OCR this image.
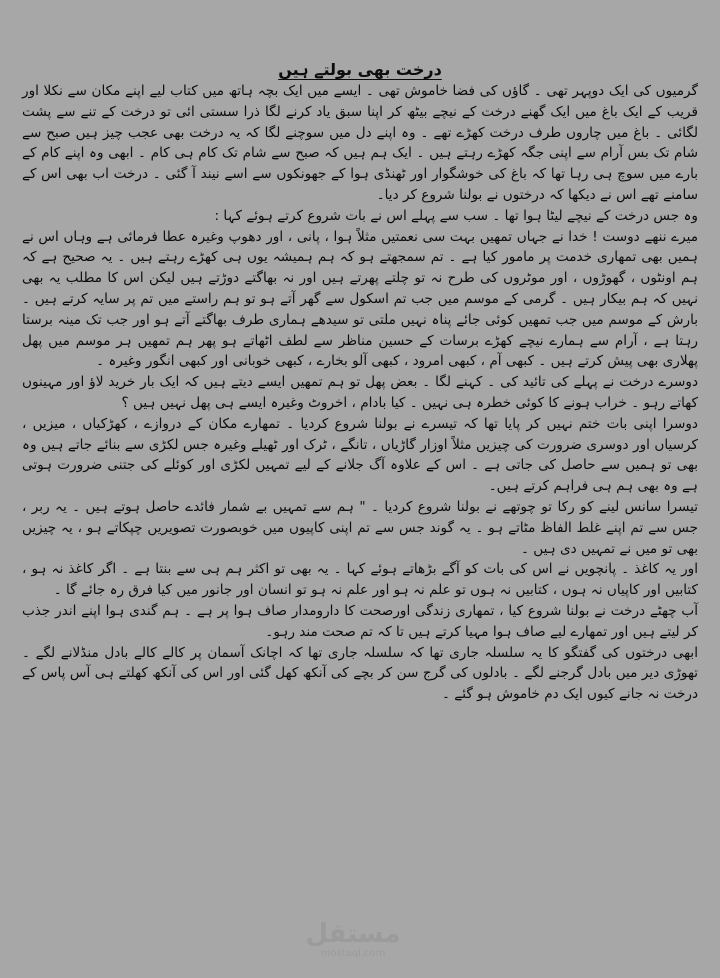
درخت بھی بولتے ہیں

گرمیوں کی ایک دوپہر تھی ۔ گاؤں کی فضا خاموش تھی ۔ ایسے میں ایک بچہ ہاتھ میں کتاب لیے اپنے مکان سے نکلا اور قریب کے ایک باغ میں ایک گھنے درخت کے نیچے بیٹھ کر اپنا سبق یاد کرنے لگا ذرا سستی ائی تو درخت کے تنے سے پشت لگائی ۔ باغ میں چاروں طرف درخت کھڑے تھے ۔ وہ اپنے دل میں سوچنے لگا کہ یہ درخت بھی عجب چیز ہیں صبح سے شام تک بس آرام سے اپنی جگہ کھڑے رہتے ہیں ۔ ایک ہم ہیں کہ صبح سے شام تک کام ہی کام ۔ ابھی وہ اپنے کام کے بارے میں سوچ ہی رہا تھا کہ باغ کی خوشگوار اور ٹھنڈی ہوا کے جھونکوں سے اسے نیند آ گئی ۔ درخت اب بھی اس کے سامنے تھے اس نے دیکھا کہ درختوں نے بولنا شروع کر دیا۔

وہ جس درخت کے نیچے لیٹا ہوا تھا ۔ سب سے پہلے اس نے بات شروع کرتے ہوئے کہا :

میرے ننھے دوست ! خدا نے جہاں تمھیں بہت سی نعمتیں مثلاً ہوا ، پانی ، اور دھوپ وغیرہ عطا فرمائی ہے وہاں اس نے ہمیں بھی تمھاری خدمت پر مامور کیا ہے ۔ تم سمجھتے ہو کہ ہم ہمیشہ یوں ہی کھڑے رہتے ہیں ۔ یہ صحیح ہے کہ ہم اونٹوں ، گھوڑوں ، اور موٹروں کی طرح نہ تو چلتے پھرتے ہیں اور نہ بھاگتے دوڑتے ہیں لیکن اس کا مطلب یہ بھی نہیں کہ ہم بیکار ہیں ۔ گرمی کے موسم میں جب تم اسکول سے گھر آتے ہو تو ہم راستے میں تم پر سایہ کرتے ہیں ۔ بارش کے موسم میں جب تمھیں کوئی جائے پناہ نہیں ملتی تو سیدھے ہماری طرف بھاگتے آتے ہو اور جب تک مینہ برستا رہتا ہے ، آرام سے ہمارے نیچے کھڑے برسات کے حسین مناظر سے لطف اٹھاتے ہو پھر ہم تمھیں ہر موسم میں پھل پھلاری بھی پیش کرتے ہیں ۔ کبھی آم ، کبھی امرود ، کبھی آلو بخارے ، کبھی خوبانی اور کبھی انگور وغیرہ ۔

دوسرے درخت نے پہلے کی تائید کی ۔ کہنے لگا ۔ بعض پھل تو ہم تمھیں ایسے دیتے ہیں کہ ایک بار خرید لاؤ اور مہینوں کھاتے رہو ۔ خراب ہونے کا کوئی خطرہ ہی نہیں ۔ کیا بادام ، اخروٹ وغیرہ ایسے ہی پھل نہیں ہیں ؟

دوسرا اپنی بات ختم نہیں کر پایا تھا کہ تیسرے نے بولنا شروع کردیا ۔ تمھارے مکان کے دروازے ، کھڑکیاں ، میزیں ، کرسیاں اور دوسری ضرورت کی چیزیں مثلاً اوزار گاڑیاں ، تانگے ، ٹرک اور ٹھیلے وغیرہ جس لکڑی سے بنائے جاتے ہیں وہ بھی تو ہمیں سے حاصل کی جاتی ہے ۔ اس کے علاوہ آگ جلانے کے لیے تمہیں لکڑی اور کوئلے کی جتنی ضرورت ہوتی ہے وہ بھی ہم ہی فراہم کرتے ہیں۔

تیسرا سانس لینے کو رکا تو چوتھے نے بولنا شروع کردیا ۔ " ہم سے تمہیں بے شمار فائدے حاصل ہوتے ہیں ۔ یہ ربر ، جس سے تم اپنے غلط الفاظ مٹاتے ہو ۔ یہ گوند جس سے تم اپنی کاپیوں میں خوبصورت تصویریں چپکاتے ہو ، یہ چیزیں بھی تو میں نے تمہیں دی ہیں ۔

اور یہ کاغذ ۔ پانچویں نے اس کی بات کو آگے بڑھاتے ہوئے کہا ۔ یہ بھی تو اکثر ہم ہی سے بنتا ہے ۔ اگر کاغذ نہ ہو ، کتابیں اور کاپیاں نہ ہوں ، کتابیں نہ ہوں تو علم نہ ہو اور علم نہ ہو تو انسان اور جانور میں کیا فرق رہ جائے گا ۔

آب چھٹے درخت نے بولنا شروع کیا ، تمھاری زندگی اورصحت کا دارومدار صاف ہوا پر ہے ۔ ہم گندی ہوا اپنے اندر جذب کر لیتے ہیں اور تمھارے لیے صاف ہوا مہیا کرتے ہیں تا کہ تم صحت مند رہو۔

ابھی درختوں کی گفتگو کا یہ سلسلہ جاری تھا کہ سلسلہ جاری تھا کہ اچانک آسمان پر کالے کالے بادل منڈلانے لگے ۔ تھوڑی دیر میں بادل گرجنے لگے ۔ بادلوں کی گرج سن کر بچے کی آنکھ کھل گئی اور اس کی آنکھ کھلتے ہی آس پاس کے درخت نہ جانے کیوں ایک دم خاموش ہو گئے ۔

مستقل
mostaql.com
